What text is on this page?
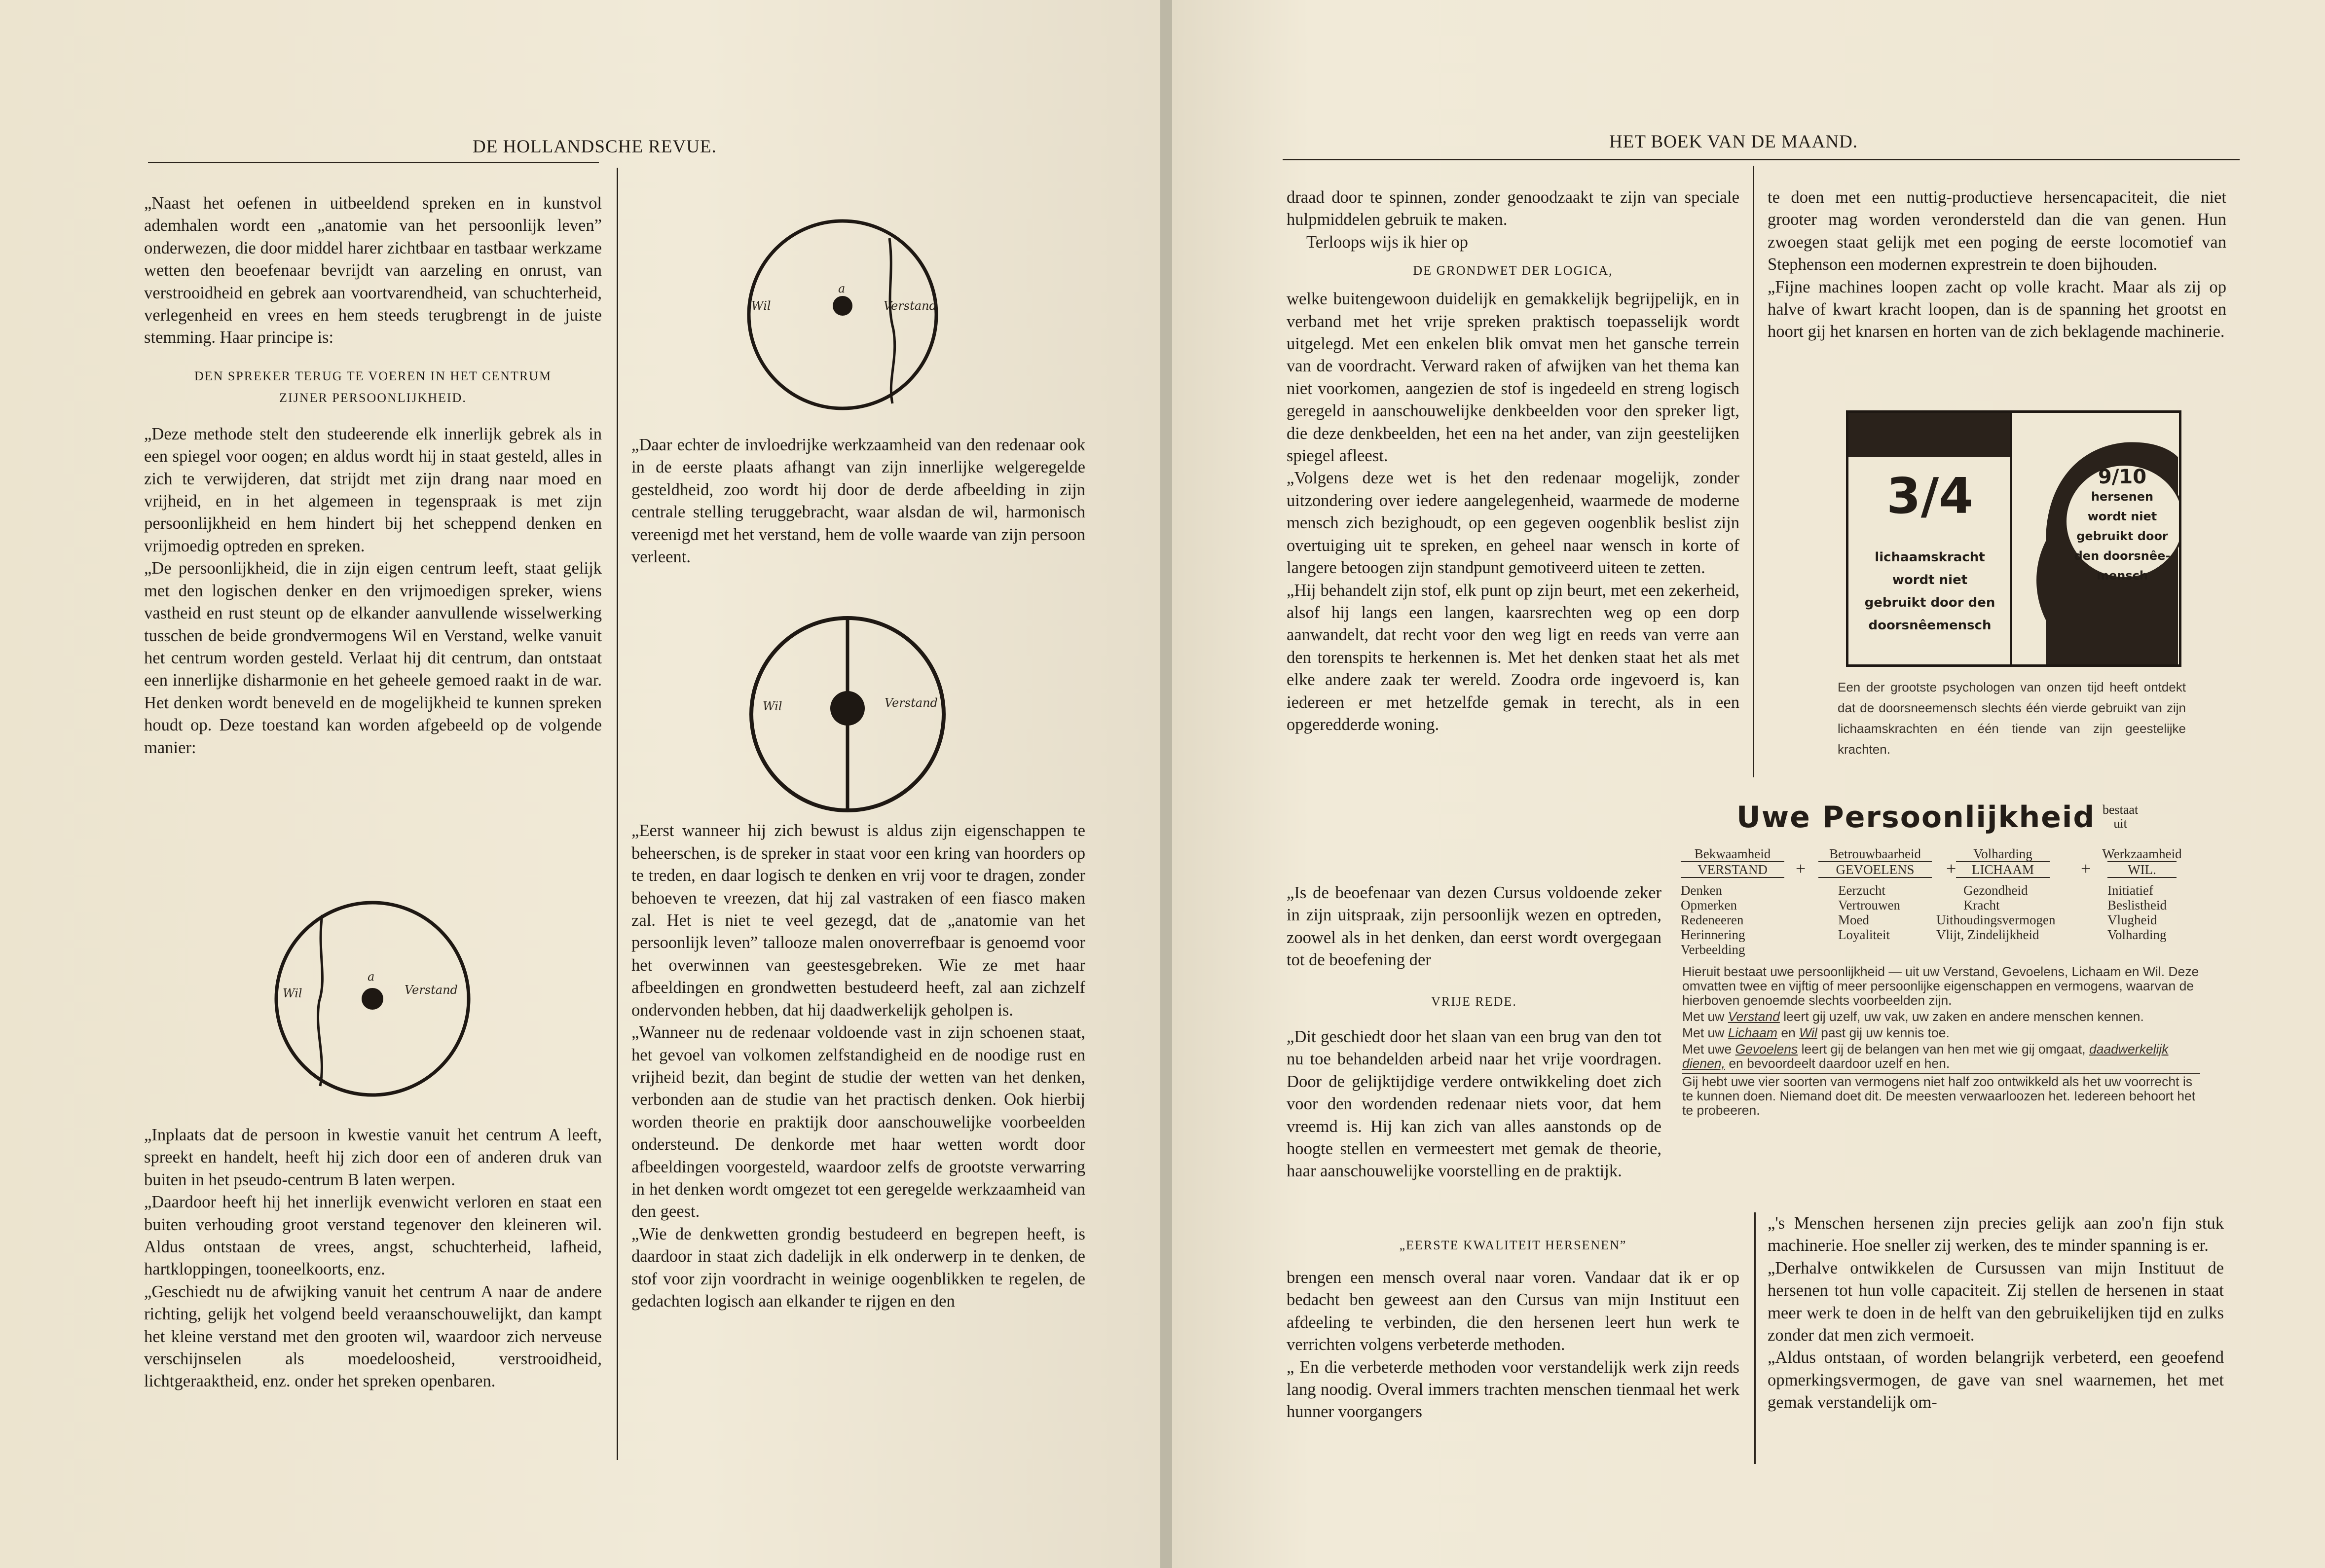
DE HOLLANDSCHE REVUE.

„Naast het oefenen in uitbeeldend spreken en in kunstvol ademhalen wordt een „anatomie van het persoonlijk leven” onderwezen, die door middel harer zichtbaar en tastbaar werkzame wetten den beoefenaar bevrijdt van aarzeling en onrust, van verstrooidheid en gebrek aan voortvarendheid, van schuchterheid, verlegenheid en vrees en hem steeds terugbrengt in de juiste stemming. Haar principe is:

DEN SPREKER TERUG TE VOEREN IN HET CENTRUM
ZIJNER PERSOONLIJKHEID.

„Deze methode stelt den studeerende elk innerlijk gebrek als in een spiegel voor oogen; en aldus wordt hij in staat gesteld, alles in zich te verwijderen, dat strijdt met zijn drang naar moed en vrijheid, en in het algemeen in tegenspraak is met zijn persoonlijkheid en hem hindert bij het scheppend denken en vrijmoedig optreden en spreken.

„De persoonlijkheid, die in zijn eigen centrum leeft, staat gelijk met den logischen denker en den vrijmoedigen spreker, wiens vastheid en rust steunt op de elkander aanvullende wisselwerking tusschen de beide grondvermogens Wil en Verstand, welke vanuit het centrum worden gesteld. Verlaat hij dit centrum, dan ontstaat een innerlijke disharmonie en het geheele gemoed raakt in de war. Het denken wordt beneveld en de mogelijkheid te kunnen spreken houdt op. Deze toestand kan worden afgebeeld op de volgende manier:

„Inplaats dat de persoon in kwestie vanuit het centrum A leeft, spreekt en handelt, heeft hij zich door een of anderen druk van buiten in het pseudo-centrum B laten werpen.

„Daardoor heeft hij het innerlijk evenwicht verloren en staat een buiten verhouding groot verstand tegenover den kleineren wil. Aldus ontstaan de vrees, angst, schuchterheid, lafheid, hartkloppingen, tooneelkoorts, enz.

„Geschiedt nu de afwijking vanuit het centrum A naar de andere richting, gelijk het volgend beeld veraanschouwelijkt, dan kampt het kleine verstand met den grooten wil, waardoor zich nerveuse verschijnselen als moedeloosheid, verstrooidheid, lichtgeraaktheid, enz. onder het spreken openbaren.

Wil
a
Verstand

„Daar echter de invloedrijke werkzaamheid van den redenaar ook in de eerste plaats afhangt van zijn innerlijke welgeregelde gesteldheid, zoo wordt hij door de derde afbeelding in zijn centrale stelling teruggebracht, waar alsdan de wil, harmonisch vereenigd met het verstand, hem de volle waarde van zijn persoon verleent.

„Eerst wanneer hij zich bewust is aldus zijn eigenschappen te beheerschen, is de spreker in staat voor een kring van hoorders op te treden, en daar logisch te denken en vrij voor te dragen, zonder behoeven te vreezen, dat hij zal vastraken of een fiasco maken zal. Het is niet te veel gezegd, dat de „anatomie van het persoonlijk leven” tallooze malen onoverrefbaar is genoemd voor het overwinnen van geestesgebreken. Wie ze met haar afbeeldingen en grondwetten bestudeerd heeft, zal aan zichzelf ondervonden hebben, dat hij daadwerkelijk geholpen is.

„Wanneer nu de redenaar voldoende vast in zijn schoenen staat, het gevoel van volkomen zelfstandigheid en de noodige rust en vrijheid bezit, dan begint de studie der wetten van het denken, verbonden aan de studie van het practisch denken. Ook hierbij worden theorie en praktijk door aanschouwelijke voorbeelden ondersteund. De denkorde met haar wetten wordt door afbeeldingen voorgesteld, waardoor zelfs de grootste verwarring in het denken wordt omgezet tot een geregelde werkzaamheid van den geest.

„Wie de denkwetten grondig bestudeerd en begrepen heeft, is daardoor in staat zich dadelijk in elk onderwerp in te denken, de stof voor zijn voordracht in weinige oogenblikken te regelen, de gedachten logisch aan elkander te rijgen en den

Wil
a
Verstand
Wil	Verstand
HET BOEK VAN DE MAAND.

draad door te spinnen, zonder genoodzaakt te zijn van speciale hulpmiddelen gebruik te maken.

Terloops wijs ik hier op

DE GRONDWET DER LOGICA,

welke buitengewoon duidelijk en gemakkelijk begrijpelijk, en in verband met het vrije spreken praktisch toepasselijk wordt uitgelegd. Met een enkelen blik omvat men het gansche terrein van de voordracht. Verward raken of afwijken van het thema kan niet voorkomen, aangezien de stof is ingedeeld en streng logisch geregeld in aanschouwelijke denkbeelden voor den spreker ligt, die deze denkbeelden, het een na het ander, van zijn geestelijken spiegel afleest.

„Volgens deze wet is het den redenaar mogelijk, zonder uitzondering over iedere aangelegenheid, waarmede de moderne mensch zich bezighoudt, op een gegeven oogenblik beslist zijn overtuiging uit te spreken, en geheel naar wensch in korte of langere betoogen zijn standpunt gemotiveerd uiteen te zetten.

„Hij behandelt zijn stof, elk punt op zijn beurt, met een zekerheid, alsof hij langs een langen, kaarsrechten weg op een dorp aanwandelt, dat recht voor den weg ligt en reeds van verre aan den torenspits te herkennen is. Met het denken staat het als met elke andere zaak ter wereld. Zoodra orde ingevoerd is, kan iedereen er met hetzelfde gemak in terecht, als in een opgeredderde woning.

„Is de beoefenaar van dezen Cursus voldoende zeker in zijn uitspraak, zijn persoonlijk wezen en optreden, zoowel als in het denken, dan eerst wordt overgegaan tot de beoefening der

VRIJE REDE.

„Dit geschiedt door het slaan van een brug van den tot nu toe behandelden arbeid naar het vrije voordragen. Door de gelijktijdige verdere ontwikkeling doet zich voor den wordenden redenaar niets voor, dat hem vreemd is. Hij kan zich van alles aanstonds op de hoogte stellen en vermeestert met gemak de theorie, haar aanschouwelijke voorstelling en de praktijk.

„EERSTE KWALITEIT HERSENEN”

brengen een mensch overal naar voren. Vandaar dat ik er op bedacht ben geweest aan den Cursus van mijn Instituut een afdeeling te verbinden, die den hersenen leert hun werk te verrichten volgens verbeterde methoden.

„ En die verbeterde methoden voor verstandelijk werk zijn reeds lang noodig. Overal immers trachten menschen tienmaal het werk hunner voorgangers

te doen met een nuttig-productieve hersencapaciteit, die niet grooter mag worden verondersteld dan die van genen. Hun zwoegen staat gelijk met een poging de eerste locomotief van Stephenson een modernen exprestrein te doen bijhouden.

„Fijne machines loopen zacht op volle kracht. Maar als zij op halve of kwart kracht loopen, dan is de spanning het grootst en hoort gij het knarsen en horten van de zich beklagende machinerie.

3/4
lichaamskracht
wordt niet
gebruikt door den
doorsnêemensch
9/10
hersenen
wordt niet
gebruikt door
den doorsnêe-
mensch
Een der grootste psychologen van onzen tijd heeft ontdekt dat de doorsneemensch slechts één vierde gebruikt van zijn lichaamskrachten en één tiende van zijn geestelijke krachten.
Uwe Persoonlijkheid bestaat
uit
Bekwaamheid
VERSTAND
Denken
Opmerken
Redeneeren
Herinnering
Verbeelding
+
Betrouwbaarheid
GEVOELENS
Eerzucht
Vertrouwen
Moed
Loyaliteit
+
Volharding
LICHAAM
Gezondheid
Kracht
Uithoudingsvermogen
Vlijt, Zindelijkheid
+
Werkzaamheid
WIL.
Initiatief
Beslistheid
Vlugheid
Volharding
Hieruit bestaat uwe persoonlijkheid — uit uw Verstand, Gevoelens, Lichaam en Wil. Deze omvatten twee en vijftig of meer persoonlijke eigenschappen en vermogens, waarvan de hierboven genoemde slechts voorbeelden zijn.
Met uw Verstand leert gij uzelf, uw vak, uw zaken en andere menschen kennen.
Met uw Lichaam en Wil past gij uw kennis toe.
Met uwe Gevoelens leert gij de belangen van hen met wie gij omgaat, daadwerkelijk dienen, en bevoordeelt daardoor uzelf en hen.
Gij hebt uwe vier soorten van vermogens niet half zoo ontwikkeld als het uw voorrecht is te kunnen doen. Niemand doet dit. De meesten verwaarloozen het. Iedereen behoort het te probeeren.

„'s Menschen hersenen zijn precies gelijk aan zoo'n fijn stuk machinerie. Hoe sneller zij werken, des te minder spanning is er.

„Derhalve ontwikkelen de Cursussen van mijn Instituut de hersenen tot hun volle capaciteit. Zij stellen de hersenen in staat meer werk te doen in de helft van den gebruikelijken tijd en zulks zonder dat men zich vermoeit.

„Aldus ontstaan, of worden belangrijk verbeterd, een geoefend opmerkingsvermogen, de gave van snel waarnemen, het met gemak verstandelijk om-
